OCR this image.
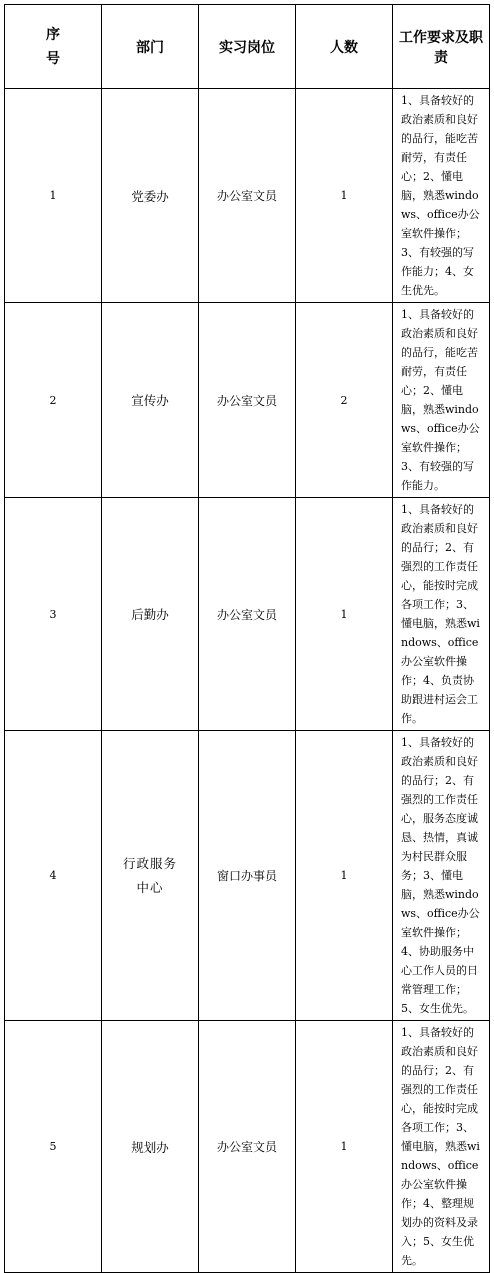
序号	部门	实习岗位	人数	工作要求及职责
1	党委办	办公室文员	1	1、具备较好的政治素质和良好的品行，能吃苦耐劳，有责任心；2、懂电脑，熟悉windows、office办公室软件操作；3、有较强的写作能力；4、女生优先。

2	宣传办	办公室文员	2	1、具备较好的政治素质和良好的品行，能吃苦耐劳，有责任心；2、懂电脑，熟悉windows、office办公室软件操作；3、有较强的写作能力。

3	后勤办	办公室文员	1	1、具备较好的政治素质和良好的品行；2、有强烈的工作责任心，能按时完成各项工作；3、懂电脑，熟悉windows、office办公室软件操作；4、负责协助跟进村运会工作。

4	行政服务中心	窗口办事员	1	1、具备较好的政治素质和良好的品行；2、有强烈的工作责任心，服务态度诚恳、热情，真诚为村民群众服务；3、懂电脑，熟悉windows、office办公室软件操作；4、协助服务中心工作人员的日常管理工作；5、女生优先。

5	规划办	办公室文员	1	1、具备较好的政治素质和良好的品行；2、有强烈的工作责任心，能按时完成各项工作；3、懂电脑，熟悉windows、office办公室软件操作；4、整理规划办的资料及录入；5、女生优先。
